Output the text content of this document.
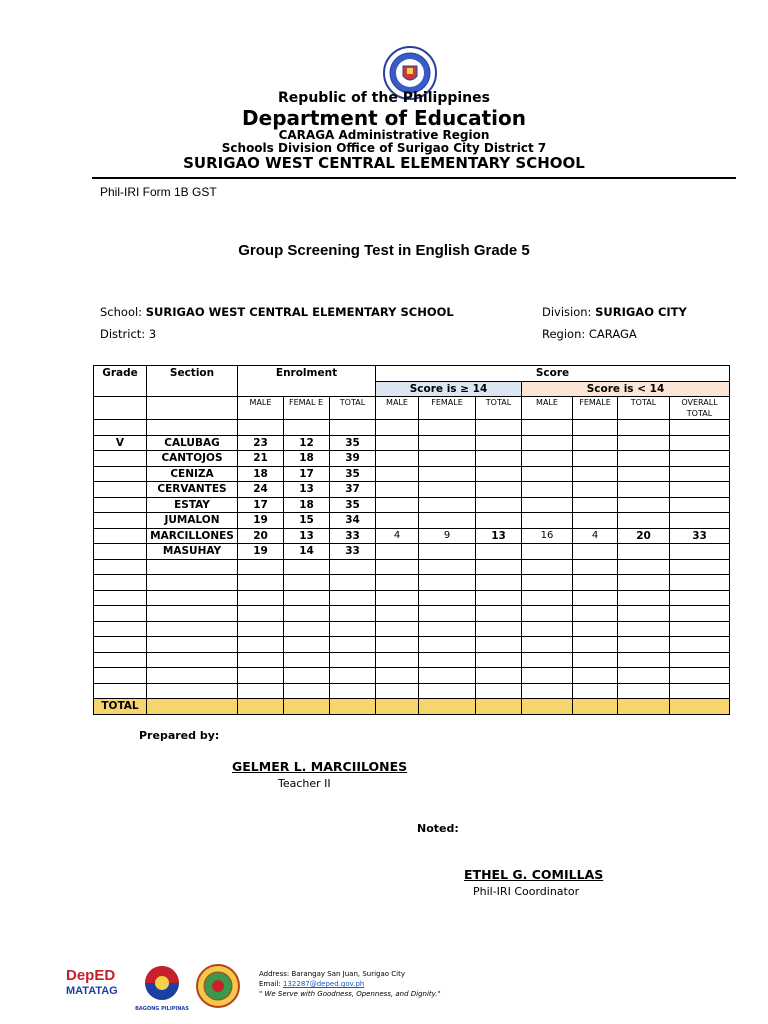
Republic of the Philippines
Department of Education
CARAGA Administrative Region
Schools Division Office of Surigao City District 7
SURIGAO WEST CENTRAL ELEMENTARY SCHOOL
Phil-IRI Form 1B GST
Group Screening Test in English Grade 5
School: SURIGAO WEST CENTRAL ELEMENTARY SCHOOL
District: 3
Division: SURIGAO CITY
Region: CARAGA
Grade	Section	Enrolment			Score						
					Score is ≥ 14			Score is < 14			
		MALE	FEMAL E	TOTAL	MALE	FEMALE	TOTAL	MALE	FEMALE	TOTAL	OVERALL TOTAL

V	CALUBAG	23	12	35							
	CANTOJOS	21	18	39							
	CENIZA	18	17	35							
	CERVANTES	24	13	37							
	ESTAY	17	18	35							
	JUMALON	19	15	34							
	MARCILLONES	20	13	33	4	9	13	16	4	20	33
	MASUHAY	19	14	33							

TOTAL											
Prepared by:
GELMER L. MARCIILONES
Teacher II
Noted:
ETHEL G. COMILLAS
Phil-IRI Coordinator
DepED
MATATAG
BAGONG PILIPINAS
Address: Barangay San Juan, Surigao City
Email: 132287@deped.gov.ph
" We Serve with Goodness, Openness, and Dignity."
